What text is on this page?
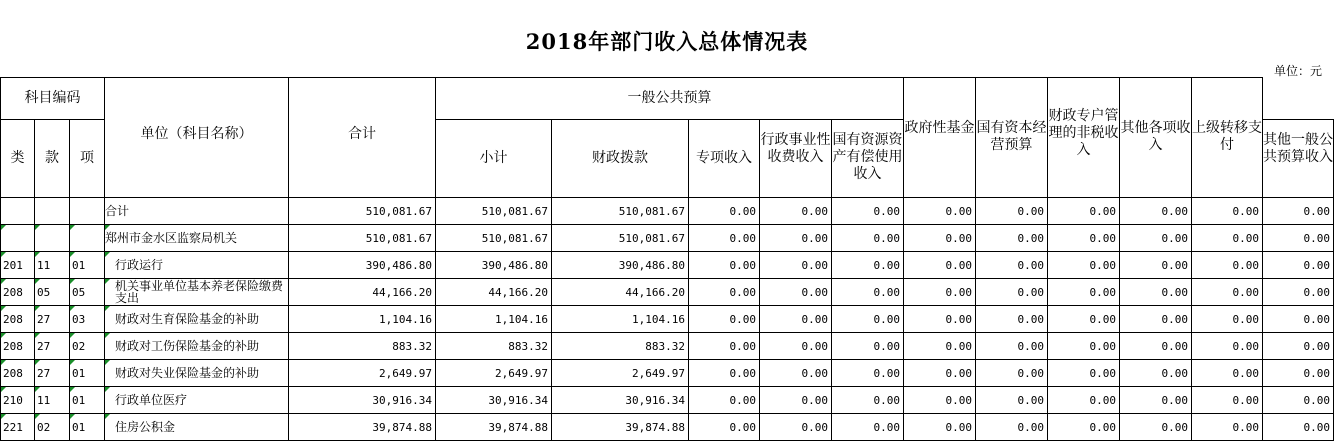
2018年部门收入总体情况表
单位：元
科目编码			单位（科目名称）	合计	一般公共预算					政府性基金	国有资本经营预算	财政专户管理的非税收入	其他各项收入	上级转移支付	
类	款	项			小计	财政拨款	专项收入	行政事业性收费收入	国有资源资产有偿使用收入						其他一般公共预算收入

			合计	510,081.67	510,081.67	510,081.67	0.00	0.00	0.00	0.00	0.00	0.00	0.00	0.00	0.00

			郑州市金水区监察局机关	510,081.67	510,081.67	510,081.67	0.00	0.00	0.00	0.00	0.00	0.00	0.00	0.00	0.00

201	11	01	行政运行	390,486.80	390,486.80	390,486.80	0.00	0.00	0.00	0.00	0.00	0.00	0.00	0.00	0.00

208	05	05	机关事业单位基本养老保险缴费支出	44,166.20	44,166.20	44,166.20	0.00	0.00	0.00	0.00	0.00	0.00	0.00	0.00	0.00

208	27	03	财政对生育保险基金的补助	1,104.16	1,104.16	1,104.16	0.00	0.00	0.00	0.00	0.00	0.00	0.00	0.00	0.00

208	27	02	财政对工伤保险基金的补助	883.32	883.32	883.32	0.00	0.00	0.00	0.00	0.00	0.00	0.00	0.00	0.00

208	27	01	财政对失业保险基金的补助	2,649.97	2,649.97	2,649.97	0.00	0.00	0.00	0.00	0.00	0.00	0.00	0.00	0.00

210	11	01	行政单位医疗	30,916.34	30,916.34	30,916.34	0.00	0.00	0.00	0.00	0.00	0.00	0.00	0.00	0.00

221	02	01	住房公积金	39,874.88	39,874.88	39,874.88	0.00	0.00	0.00	0.00	0.00	0.00	0.00	0.00	0.00
